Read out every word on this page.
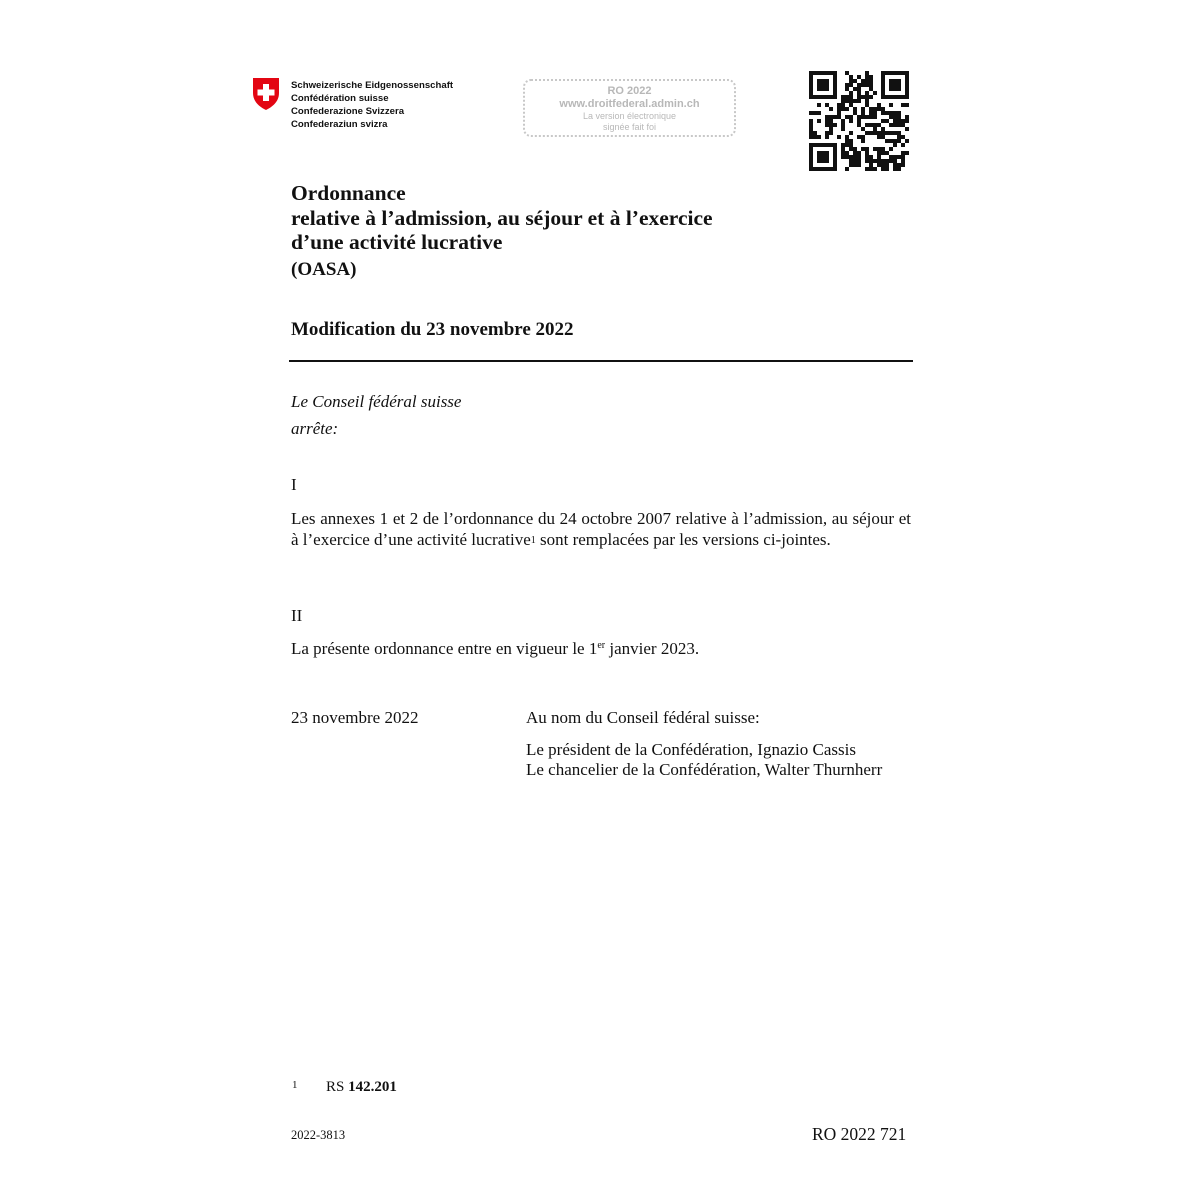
Schweizerische Eidgenossenschaft
Confédération suisse
Confederazione Svizzera
Confederaziun svizra
RO 2022
www.droitfederal.admin.ch
La version électronique
signée fait foi
Ordonnance
relative à l’admission, au séjour et à l’exercice
d’une activité lucrative
(OASA)
Modification du 23 novembre 2022
Le Conseil fédéral suisse
arrête:
I
Les annexes 1 et 2 de l’ordonnance du 24 octobre 2007 relative à l’admission, au séjour et à l’exercice d’une activité lucrative$^1$ sont remplacées par les versions ci-jointes.
II
La présente ordonnance entre en vigueur le 1er janvier 2023.
23 novembre 2022	Au nom du Conseil fédéral suisse:
Le président de la Confédération, Ignazio Cassis
Le chancelier de la Confédération, Walter Thurnherr
1 RS 142.201
2022-3813	RO 2022 721
